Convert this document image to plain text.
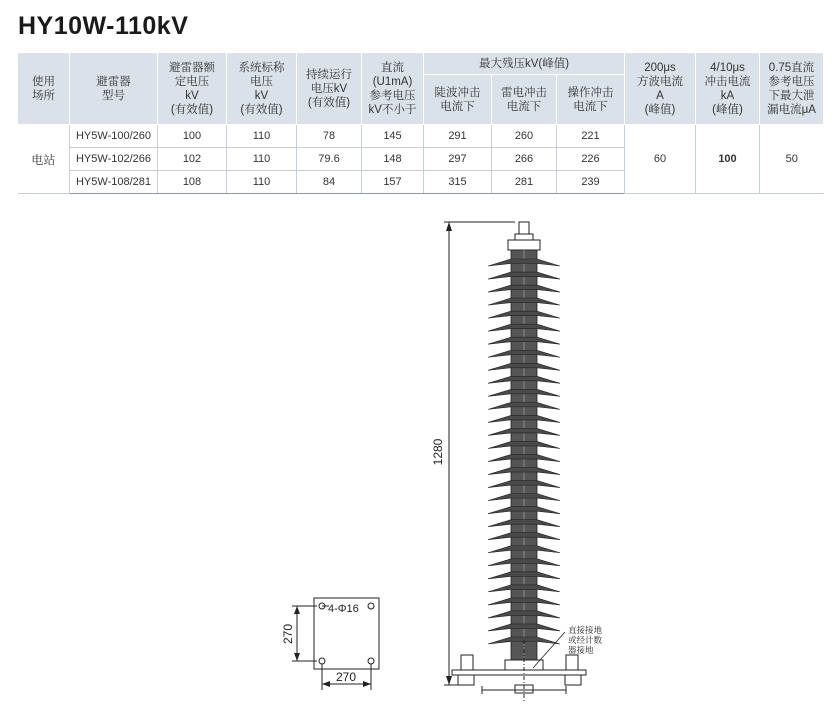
HY10W-110kV
使用
场所	避雷器
型号	避雷器额
定电压
kV
(有效值)	系统标称
电压
kV
(有效值)	持续运行
电压kV
(有效值)	直流
(U1mA)
参考电压
kV不小于	最大残压kV(峰值)			200μs
方波电流
A
(峰值)	4/10μs
冲击电流
kA
(峰值)	0.75直流
参考电压
下最大泄
漏电流μA
						陡波冲击
电流下	雷电冲击
电流下	操作冲击
电流下			
电站	HY5W-100/260	100	110	78	145	291	260	221	60	100	50
	HY5W-102/266	102	110	79.6	148	297	266	226			
	HY5W-108/281	108	110	84	157	315	281	239			
1280
直接接地
或经计数
器接地
4-Φ16
270
270
